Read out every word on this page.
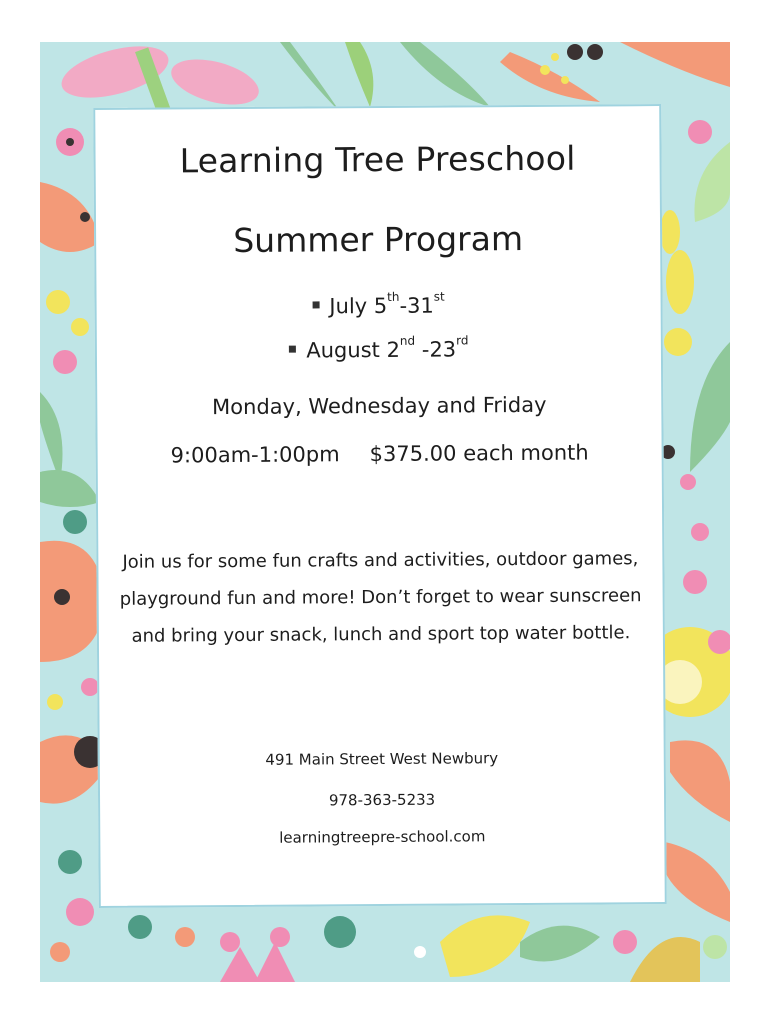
Learning Tree Preschool
Summer Program
July 5th-31st
August 2nd -23rd
Monday, Wednesday and Friday
9:00am-1:00pm $375.00 each month
Join us for some fun crafts and activities, outdoor games, playground fun and more! Don’t forget to wear sunscreen and bring your snack, lunch and sport top water bottle.
491 Main Street West Newbury
978-363-5233
learningtreepre-school.com
